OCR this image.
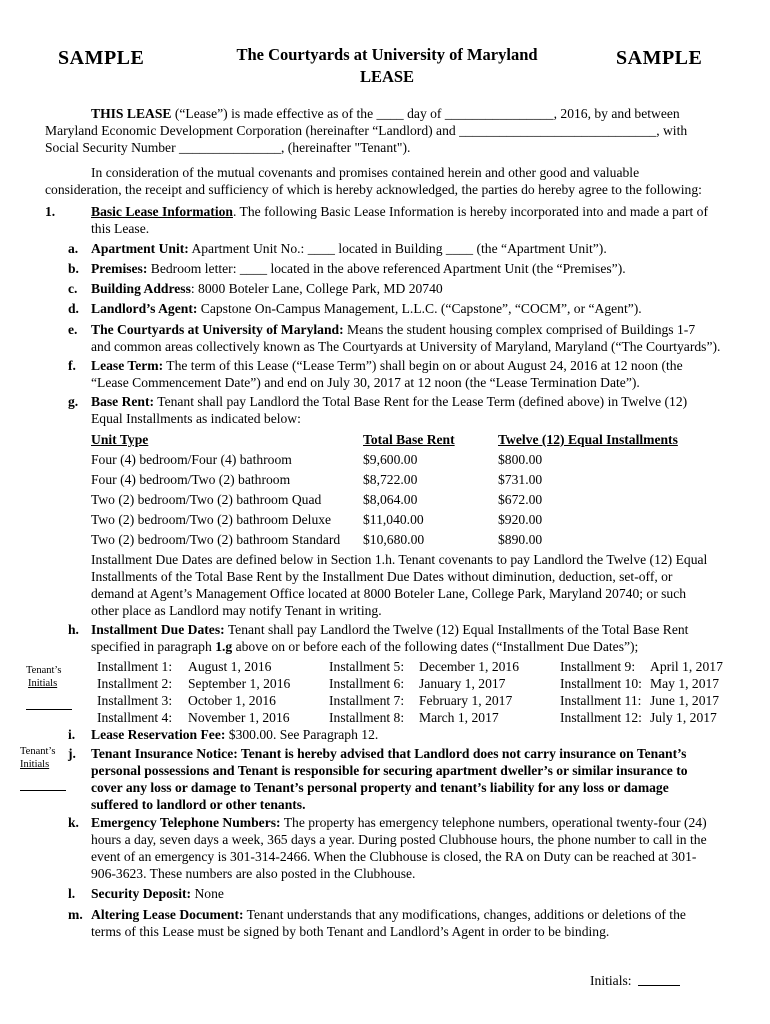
SAMPLE	SAMPLE
The Courtyards at University of Maryland
LEASE
THIS LEASE (“Lease”) is made effective as of the ____ day of ________________, 2016, by and between
Maryland Economic Development Corporation (hereinafter “Landlord) and _____________________________, with
Social Security Number _______________, (hereinafter "Tenant").
In consideration of the mutual covenants and promises contained herein and other good and valuable
consideration, the receipt and sufficiency of which is hereby acknowledged, the parties do hereby agree to the following:
1.	Basic Lease Information. The following Basic Lease Information is hereby incorporated into and made a part of
this Lease.
a. Apartment Unit: Apartment Unit No.: ____ located in Building ____ (the “Apartment Unit”).
b. Premises: Bedroom letter: ____ located in the above referenced Apartment Unit (the “Premises”).
c. Building Address: 8000 Boteler Lane, College Park, MD 20740
d. Landlord’s Agent: Capstone On-Campus Management, L.L.C. (“Capstone”, “COCM”, or “Agent”).
e. The Courtyards at University of Maryland: Means the student housing complex comprised of Buildings 1-7
and common areas collectively known as The Courtyards at University of Maryland, Maryland (“The Courtyards”).
f. Lease Term: The term of this Lease (“Lease Term”) shall begin on or about August 24, 2016 at 12 noon (the
“Lease Commencement Date”) and end on July 30, 2017 at 12 noon (the “Lease Termination Date”).
g. Base Rent: Tenant shall pay Landlord the Total Base Rent for the Lease Term (defined above) in Twelve (12)
Equal Installments as indicated below:
Unit Type	Total Base Rent	Twelve (12) Equal Installments
Four (4) bedroom/Four (4) bathroom	$9,600.00	$800.00
Four (4) bedroom/Two (2) bathroom	$8,722.00	$731.00
Two (2) bedroom/Two (2) bathroom Quad	$8,064.00	$672.00
Two (2) bedroom/Two (2) bathroom Deluxe $11,040.00	$920.00
Two (2) bedroom/Two (2) bathroom Standard $10,680.00	$890.00
Installment Due Dates are defined below in Section 1.h. Tenant covenants to pay Landlord the Twelve (12) Equal
Installments of the Total Base Rent by the Installment Due Dates without diminution, deduction, set-off, or
demand at Agent’s Management Office located at 8000 Boteler Lane, College Park, Maryland 20740; or such
other place as Landlord may notify Tenant in writing.
h. Installment Due Dates: Tenant shall pay Landlord the Twelve (12) Equal Installments of the Total Base Rent
specified in paragraph 1.g above on or before each of the following dates (“Installment Due Dates”);
Installment 1: August 1, 2016
Installment 2: September 1, 2016
Installment 3: October 1, 2016
Installment 4: November 1, 2016
Installment 5: December 1, 2016
Installment 6: January 1, 2017
Installment 7: February 1, 2017
Installment 8: March 1, 2017
Installment 9: April 1, 2017
Installment 10: May 1, 2017
Installment 11: June 1, 2017
Installment 12: July 1, 2017
Tenant’s
Initials
i. Lease Reservation Fee: $300.00. See Paragraph 12.
Tenant’s
Initials
j. Tenant Insurance Notice: Tenant is hereby advised that Landlord does not carry insurance on Tenant’s
personal possessions and Tenant is responsible for securing apartment dweller’s or similar insurance to
cover any loss or damage to Tenant’s personal property and tenant’s liability for any loss or damage
suffered to landlord or other tenants.
k. Emergency Telephone Numbers: The property has emergency telephone numbers, operational twenty-four (24)
hours a day, seven days a week, 365 days a year. During posted Clubhouse hours, the phone number to call in the
event of an emergency is 301-314-2466. When the Clubhouse is closed, the RA on Duty can be reached at 301-
906-3623. These numbers are also posted in the Clubhouse.
l. Security Deposit: None
m. Altering Lease Document: Tenant understands that any modifications, changes, additions or deletions of the
terms of this Lease must be signed by both Tenant and Landlord’s Agent in order to be binding.
Initials:
